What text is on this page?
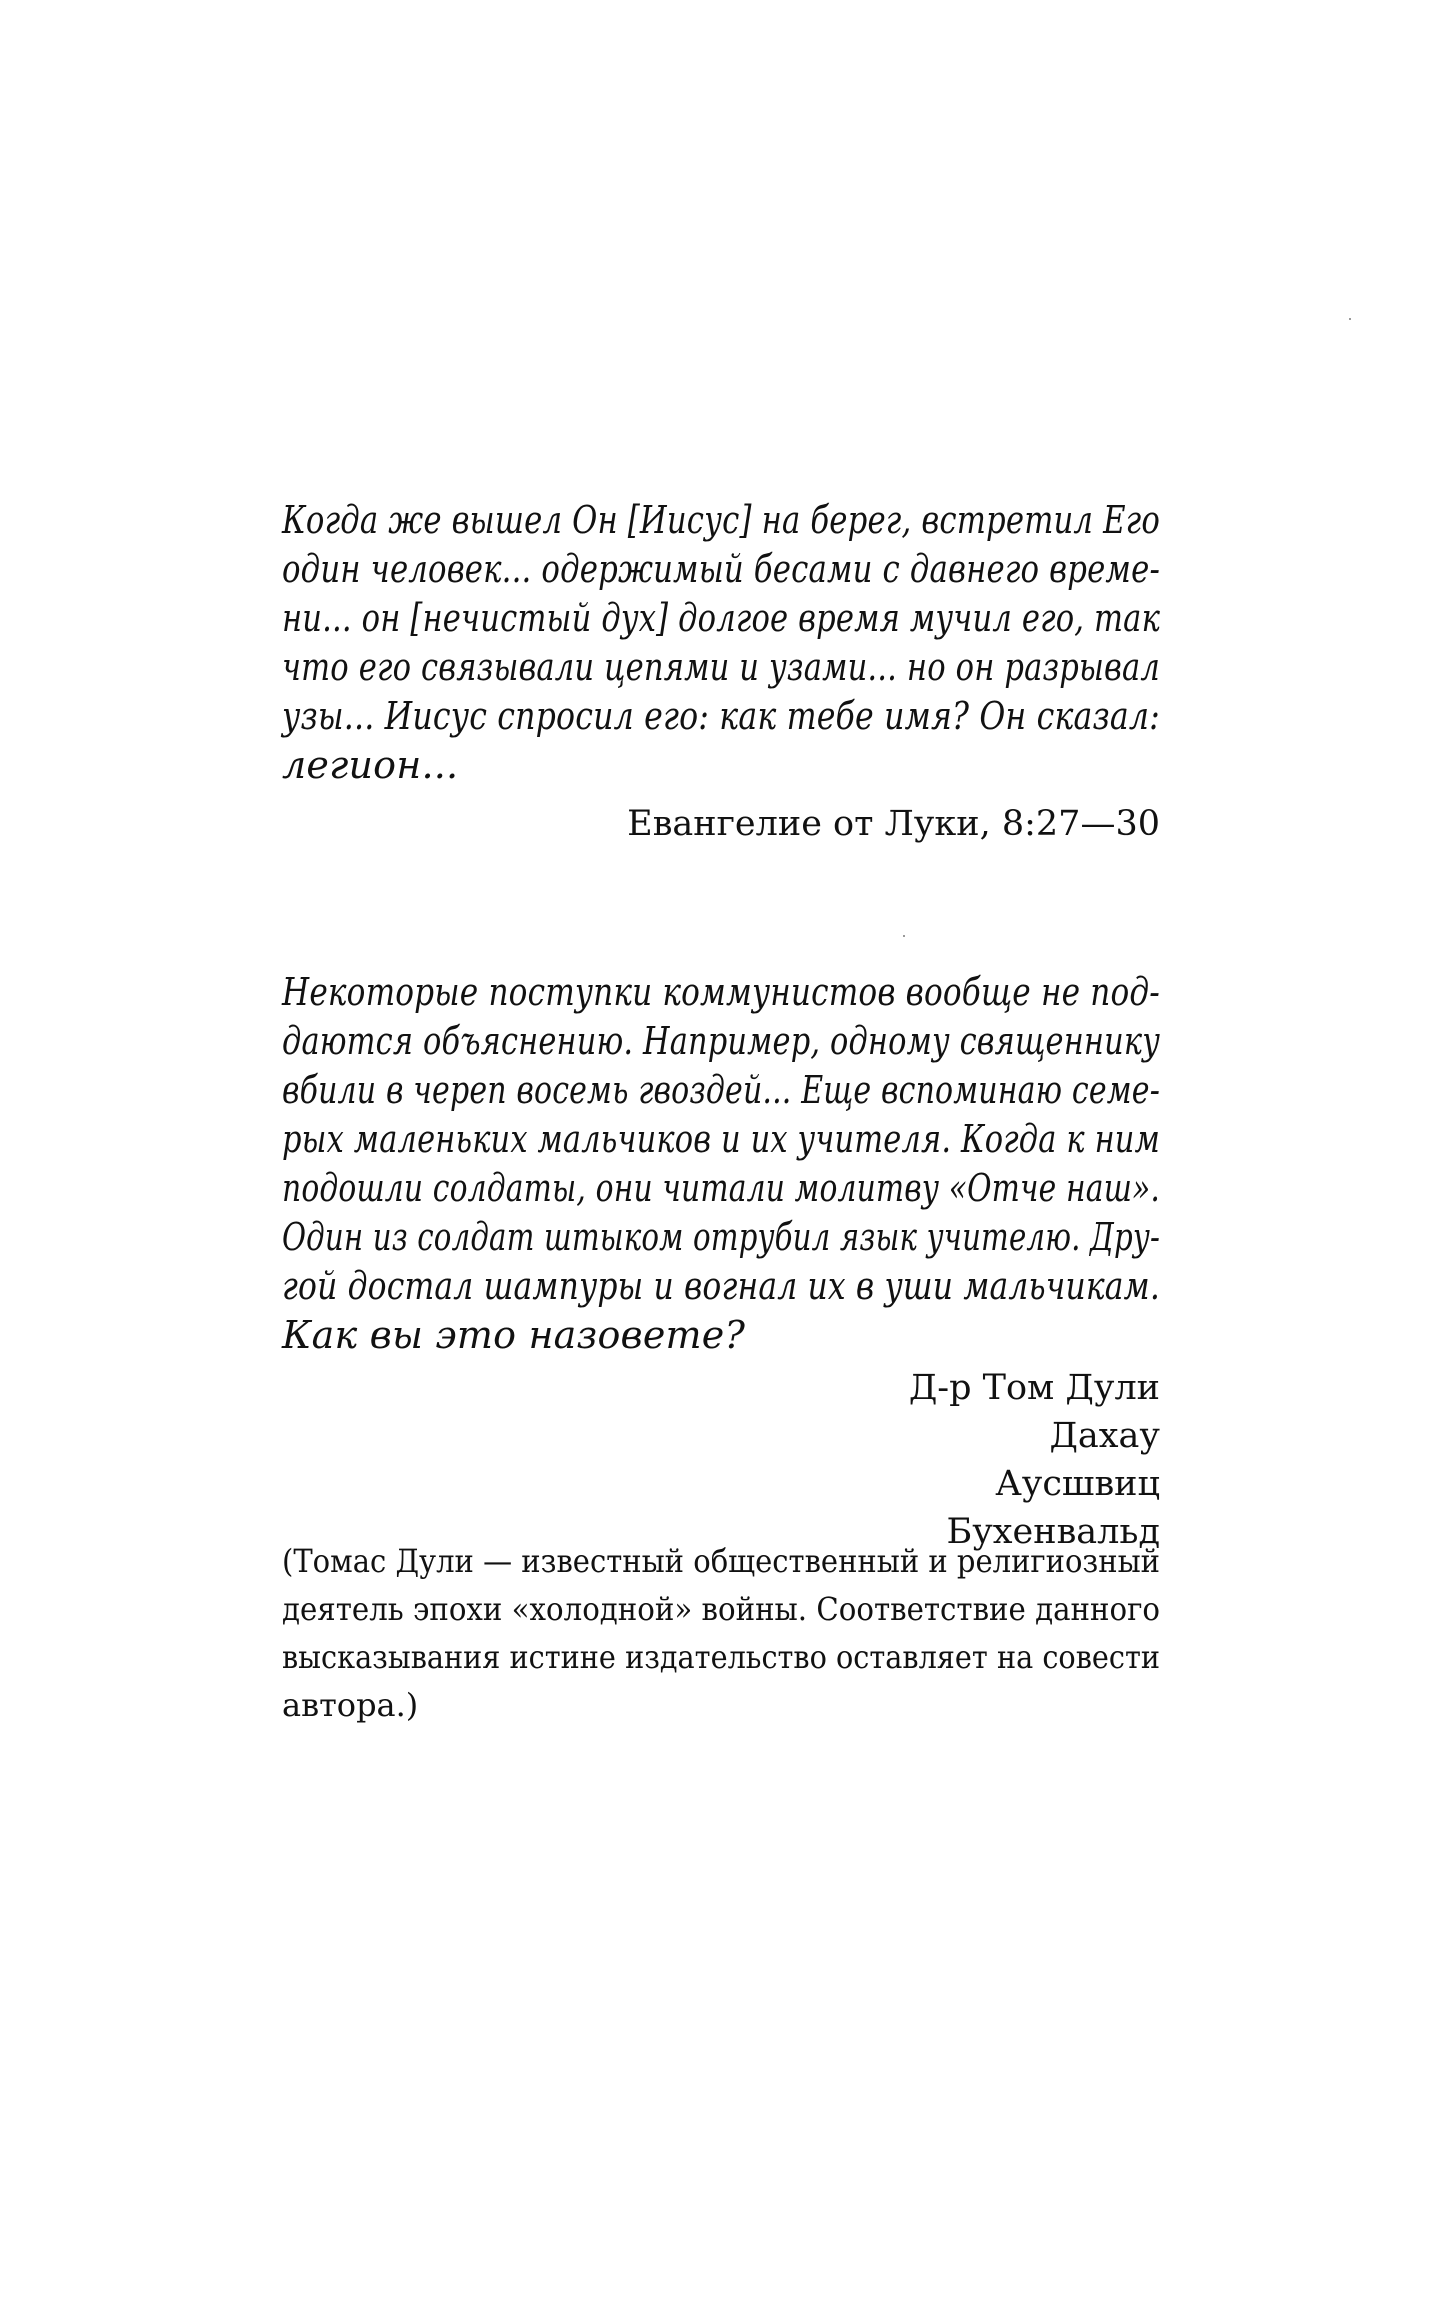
Когда же вышел Он [Иисус] на берег, встретил Его
один человек... одержимый бесами с давнего време-
ни... он [нечистый дух] долгое время мучил его, так
что его связывали цепями и узами... но он разрывал
узы... Иисус спросил его: как тебе имя? Он сказал:
легион...

Евангелие от Луки, 8:27—30

Некоторые поступки коммунистов вообще не под-
даются объяснению. Например, одному священнику
вбили в череп восемь гвоздей... Еще вспоминаю семе-
рых маленьких мальчиков и их учителя. Когда к ним
подошли солдаты, они читали молитву «Отче наш».
Один из солдат штыком отрубил язык учителю. Дру-
гой достал шампуры и вогнал их в уши мальчикам.
Как вы это назовете?

Д-р Том Дули
Дахау
Аусшвиц
Бухенвальд

(Томас Дули — известный общественный и религиозный
деятель эпохи «холодной» войны. Соответствие данного
высказывания истине издательство оставляет на совести
автора.)
